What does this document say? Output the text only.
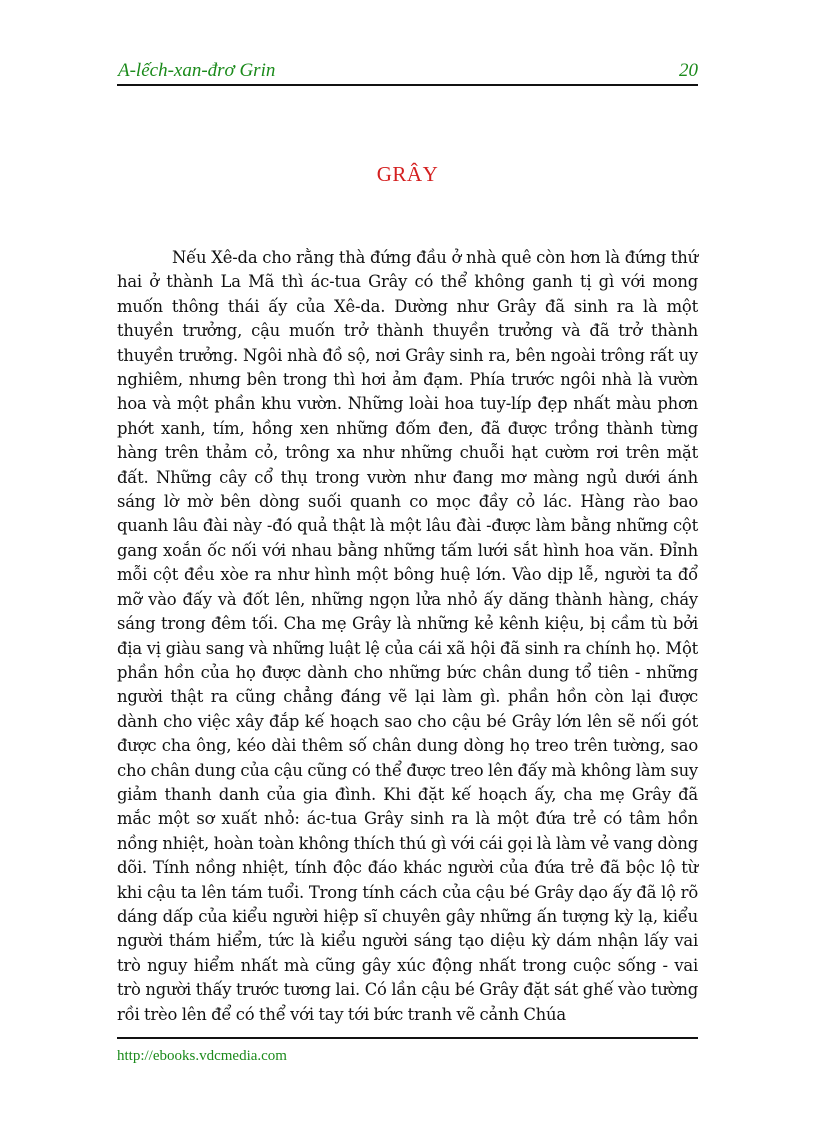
A-lếch-xan-đrơ Grin	20
GRÂY

Nếu Xê-da cho rằng thà đứng đầu ở nhà quê còn hơn là đứng thứ hai ở thành La Mã thì ác-tua Grây có thể không ganh tị gì với mong muốn thông thái ấy của Xê-da. Dường như Grây đã sinh ra là một thuyền trưởng, cậu muốn trở thành thuyền trưởng và đã trở thành thuyền trưởng. Ngôi nhà đồ sộ, nơi Grây sinh ra, bên ngoài trông rất uy nghiêm, nhưng bên trong thì hơi ảm đạm. Phía trước ngôi nhà là vườn hoa và một phần khu vườn. Những loài hoa tuy-líp đẹp nhất màu phơn phớt xanh, tím, hồng xen những đốm đen, đã được trồng thành từng hàng trên thảm cỏ, trông xa như những chuỗi hạt cườm rơi trên mặt đất. Những cây cổ thụ trong vườn như đang mơ màng ngủ dưới ánh sáng lờ mờ bên dòng suối quanh co mọc đầy cỏ lác. Hàng rào bao quanh lâu đài này -đó quả thật là một lâu đài -được làm bằng những cột gang xoắn ốc nối với nhau bằng những tấm lưới sắt hình hoa văn. Đỉnh mỗi cột đều xòe ra như hình một bông huệ lớn. Vào dịp lễ, người ta đổ mỡ vào đấy và đốt lên, những ngọn lửa nhỏ ấy dăng thành hàng, cháy sáng trong đêm tối. Cha mẹ Grây là những kẻ kênh kiệu, bị cầm tù bởi địa vị giàu sang và những luật lệ của cái xã hội đã sinh ra chính họ. Một phần hồn của họ được dành cho những bức chân dung tổ tiên - những người thật ra cũng chẳng đáng vẽ lại làm gì. phần hồn còn lại được dành cho việc xây đắp kế hoạch sao cho cậu bé Grây lớn lên sẽ nối gót được cha ông, kéo dài thêm số chân dung dòng họ treo trên tường, sao cho chân dung của cậu cũng có thể được treo lên đấy mà không làm suy giảm thanh danh của gia đình. Khi đặt kế hoạch ấy, cha mẹ Grây đã mắc một sơ xuất nhỏ: ác-tua Grây sinh ra là một đứa trẻ có tâm hồn nồng nhiệt, hoàn toàn không thích thú gì với cái gọi là làm vẻ vang dòng dõi. Tính nồng nhiệt, tính độc đáo khác người của đứa trẻ đã bộc lộ từ khi cậu ta lên tám tuổi. Trong tính cách của cậu bé Grây dạo ấy đã lộ rõ dáng dấp của kiểu người hiệp sĩ chuyên gây những ấn tượng kỳ lạ, kiểu người thám hiểm, tức là kiểu người sáng tạo diệu kỳ dám nhận lấy vai trò nguy hiểm nhất mà cũng gây xúc động nhất trong cuộc sống - vai trò người thấy trước tương lai. Có lần cậu bé Grây đặt sát ghế vào tường rồi trèo lên để có thể với tay tới bức tranh vẽ cảnh Chúa

http://ebooks.vdcmedia.com
